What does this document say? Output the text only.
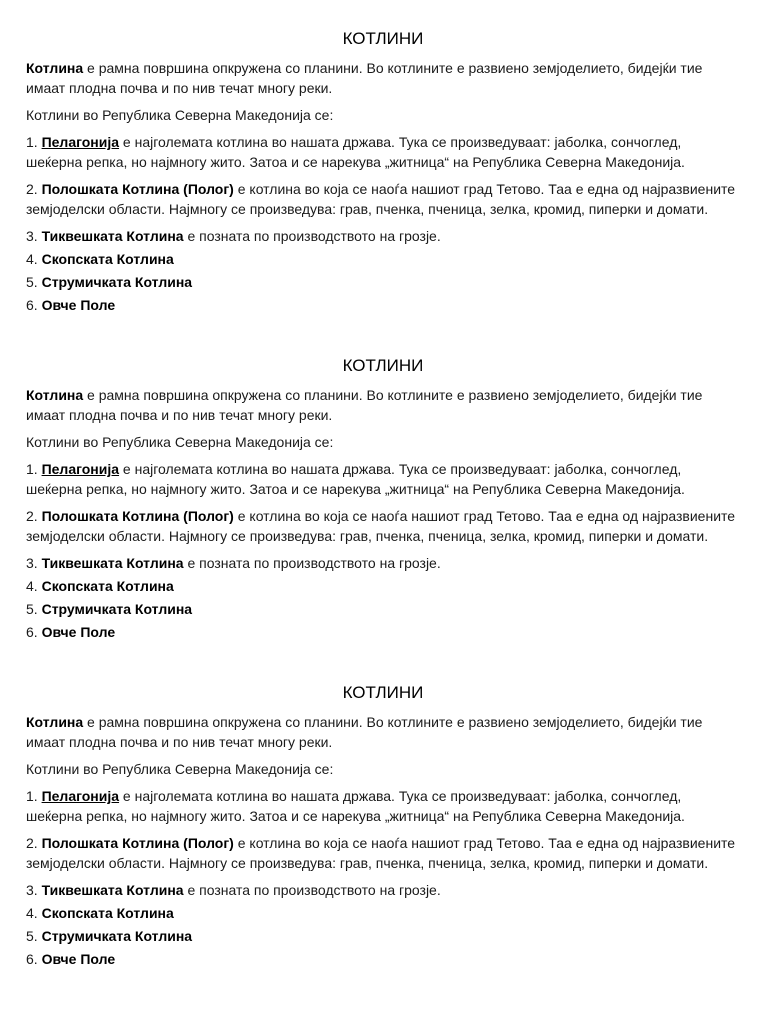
КОТЛИНИ

Котлина е рамна површина опкружена со планини. Во котлините е развиено земјоделието, бидејќи тие имаат плодна почва и по нив течат многу реки.

Котлини во Република Северна Македонија се:

1. Пелагонија е најголемата котлина во нашата држава. Тука се произведуваат: јаболка, сончоглед, шеќерна репка, но најмногу жито. Затоа и се нарекува „житница“ на Република Северна Македонија.

2. Полошката Котлина (Полог) е котлина во која се наоѓа нашиот град Тетово. Таа е една од најразвиените земјоделски области. Најмногу се произведува: грав, пченка, пченица, зелка, кромид, пиперки и домати.

3. Тиквешката Котлина е позната по производството на грозје.

4. Скопската Котлина

5. Струмичката Котлина

6. Овче Поле

КОТЛИНИ

Котлина е рамна површина опкружена со планини. Во котлините е развиено земјоделието, бидејќи тие имаат плодна почва и по нив течат многу реки.

Котлини во Република Северна Македонија се:

1. Пелагонија е најголемата котлина во нашата држава. Тука се произведуваат: јаболка, сончоглед, шеќерна репка, но најмногу жито. Затоа и се нарекува „житница“ на Република Северна Македонија.

2. Полошката Котлина (Полог) е котлина во која се наоѓа нашиот град Тетово. Таа е една од најразвиените земјоделски области. Најмногу се произведува: грав, пченка, пченица, зелка, кромид, пиперки и домати.

3. Тиквешката Котлина е позната по производството на грозје.

4. Скопската Котлина

5. Струмичката Котлина

6. Овче Поле

КОТЛИНИ

Котлина е рамна површина опкружена со планини. Во котлините е развиено земјоделието, бидејќи тие имаат плодна почва и по нив течат многу реки.

Котлини во Република Северна Македонија се:

1. Пелагонија е најголемата котлина во нашата држава. Тука се произведуваат: јаболка, сончоглед, шеќерна репка, но најмногу жито. Затоа и се нарекува „житница“ на Република Северна Македонија.

2. Полошката Котлина (Полог) е котлина во која се наоѓа нашиот град Тетово. Таа е една од најразвиените земјоделски области. Најмногу се произведува: грав, пченка, пченица, зелка, кромид, пиперки и домати.

3. Тиквешката Котлина е позната по производството на грозје.

4. Скопската Котлина

5. Струмичката Котлина

6. Овче Поле
